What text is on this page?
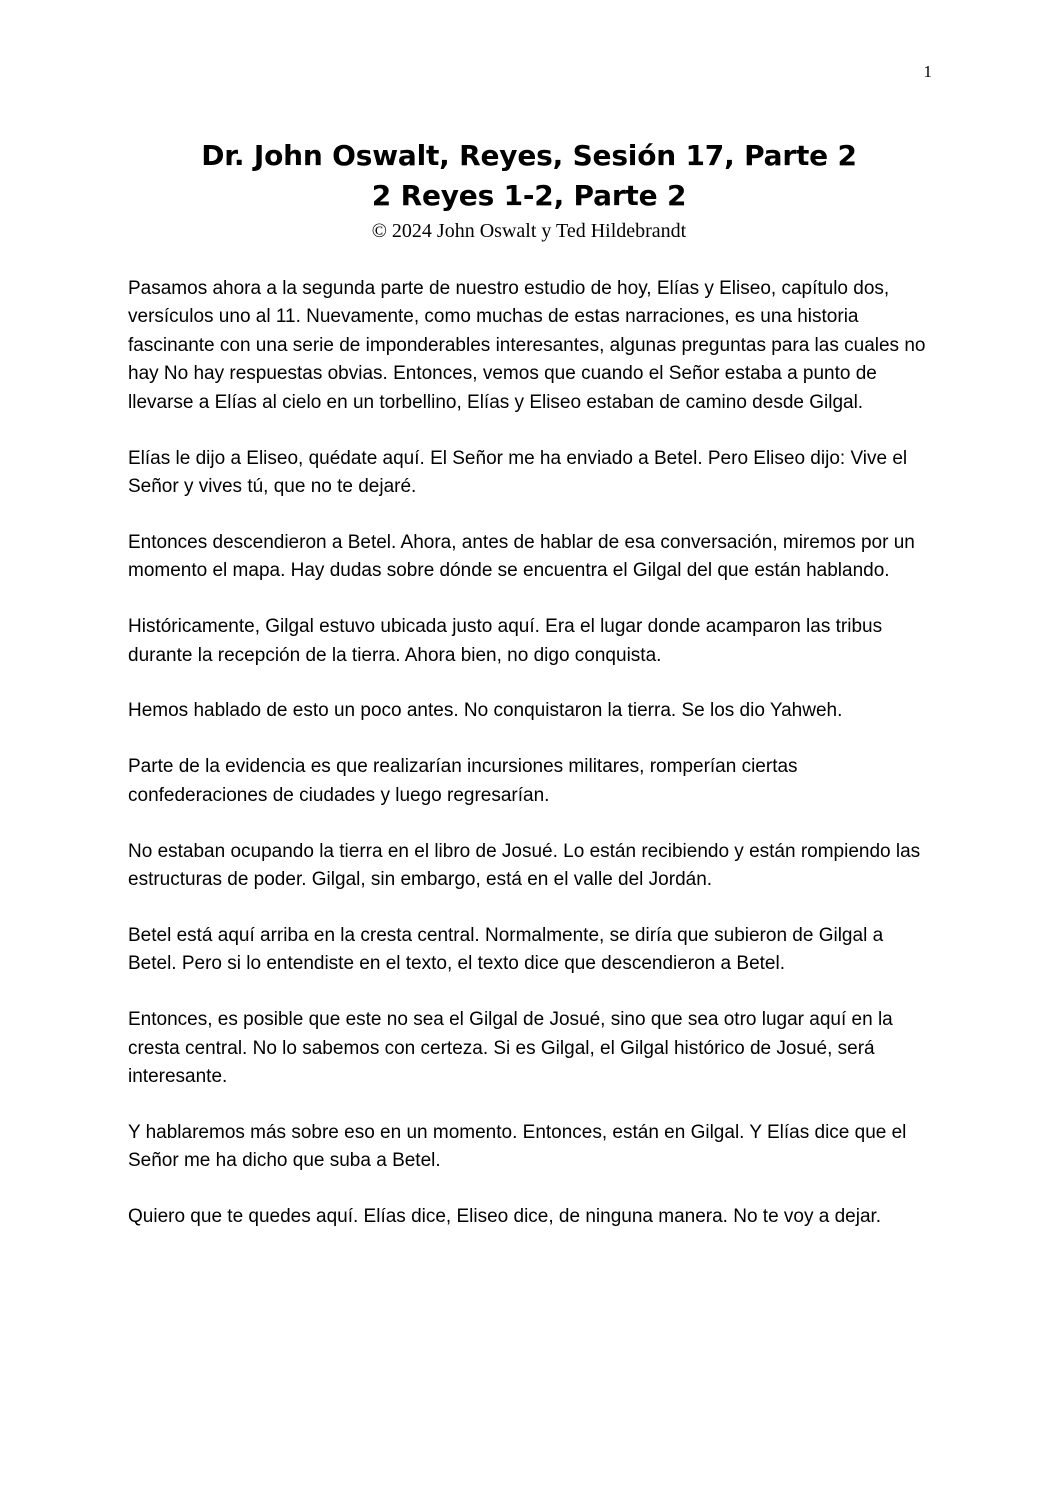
1
Dr. John Oswalt, Reyes, Sesión 17, Parte 2
2 Reyes 1-2, Parte 2
© 2024 John Oswalt y Ted Hildebrandt

Pasamos ahora a la segunda parte de nuestro estudio de hoy, Elías y Eliseo, capítulo dos, versículos uno al 11. Nuevamente, como muchas de estas narraciones, es una historia fascinante con una serie de imponderables interesantes, algunas preguntas para las cuales no hay No hay respuestas obvias. Entonces, vemos que cuando el Señor estaba a punto de llevarse a Elías al cielo en un torbellino, Elías y Eliseo estaban de camino desde Gilgal.

Elías le dijo a Eliseo, quédate aquí. El Señor me ha enviado a Betel. Pero Eliseo dijo: Vive el Señor y vives tú, que no te dejaré.

Entonces descendieron a Betel. Ahora, antes de hablar de esa conversación, miremos por un momento el mapa. Hay dudas sobre dónde se encuentra el Gilgal del que están hablando.

Históricamente, Gilgal estuvo ubicada justo aquí. Era el lugar donde acamparon las tribus durante la recepción de la tierra. Ahora bien, no digo conquista.

Hemos hablado de esto un poco antes. No conquistaron la tierra. Se los dio Yahweh.

Parte de la evidencia es que realizarían incursiones militares, romperían ciertas confederaciones de ciudades y luego regresarían.

No estaban ocupando la tierra en el libro de Josué. Lo están recibiendo y están rompiendo las estructuras de poder. Gilgal, sin embargo, está en el valle del Jordán.

Betel está aquí arriba en la cresta central. Normalmente, se diría que subieron de Gilgal a Betel. Pero si lo entendiste en el texto, el texto dice que descendieron a Betel.

Entonces, es posible que este no sea el Gilgal de Josué, sino que sea otro lugar aquí en la cresta central. No lo sabemos con certeza. Si es Gilgal, el Gilgal histórico de Josué, será interesante.

Y hablaremos más sobre eso en un momento. Entonces, están en Gilgal. Y Elías dice que el Señor me ha dicho que suba a Betel.

Quiero que te quedes aquí. Elías dice, Eliseo dice, de ninguna manera. No te voy a dejar.
